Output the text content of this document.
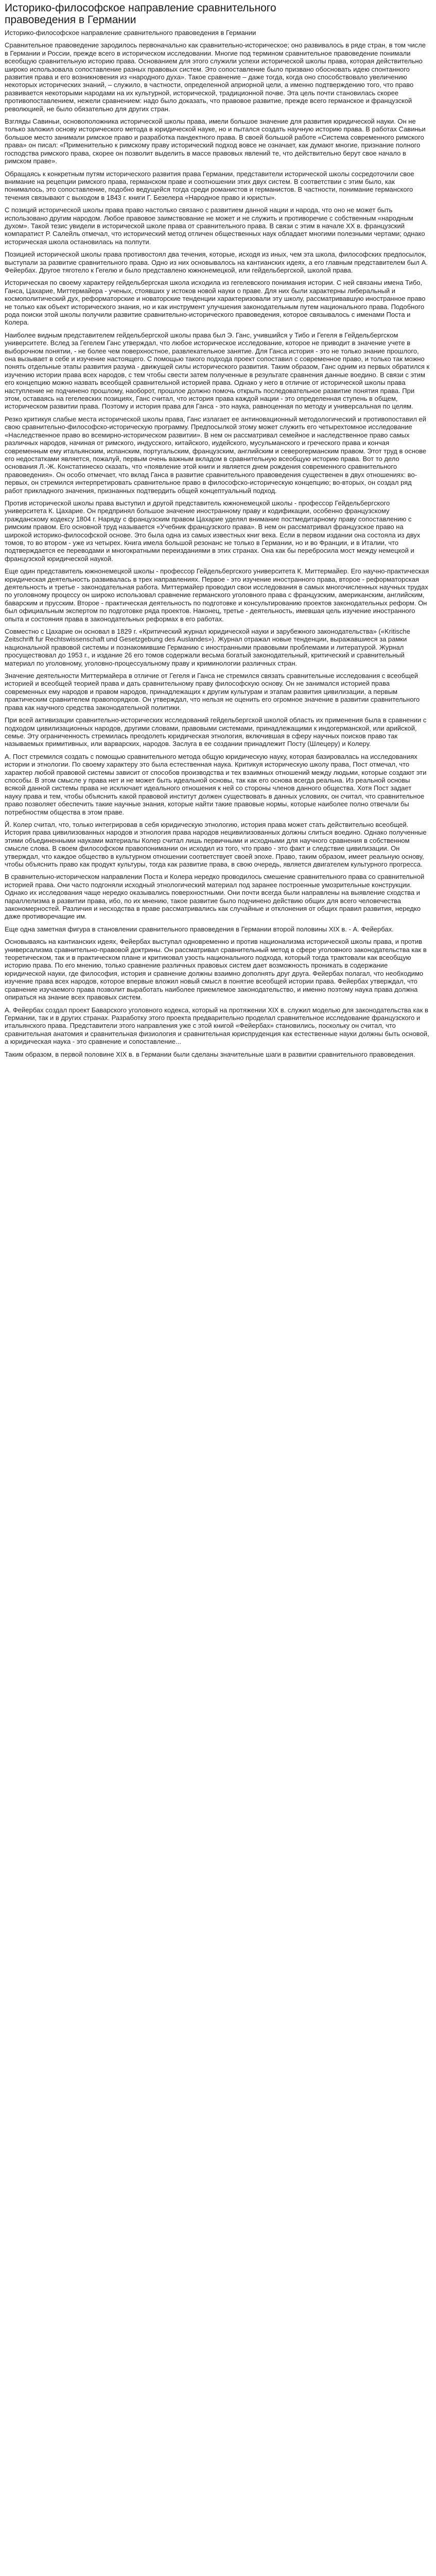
Историко-философское направление сравнительного
правоведения в Германии

Историко-философское направление сравнительного правоведения в Германии

Сравнительное правоведение зародилось первоначально как сравнительно-историческое; оно развивалось в ряде стран, в том числе в Германии и России, прежде всего в историческом исследовании. Многие под термином сравнительное правоведение понимали всеобщую сравнительную историю права. Основанием для этого служили успехи исторической школы права, которая действительно широко использовала сопоставление разных правовых систем. Это сопоставление было призвано обосновать идею спонтанного развития права и его возникновения из «народного духа». Такое сравнение – даже тогда, когда оно способствовало увеличению некоторых исторических знаний, – служило, в частности, определенной априорной цели, а именно подтверждению того, что право развивается некоторыми народами на их культурной, исторической, традиционной почве. Эта цель почти становилась скорее противопоставлением, нежели сравнением: надо было доказать, что правовое развитие, прежде всего германское и французской революцией, не было обязательно для других стран.

Взгляды Савиньи, основоположника исторической школы права, имели большое значение для развития юридической науки. Он не только заложил основу исторического метода в юридической науке, но и пытался создать научную историю права. В работах Савиньи большое место занимали римское право и разработка пандектного права. В своей большой работе «Система современного римского права» он писал: «Применительно к римскому праву исторический подход вовсе не означает, как думают многие, признание полного господства римского права, скорее он позволит выделить в массе правовых явлений те, что действительно берут свое начало в римском праве».

Обращаясь к конкретным путям исторического развития права Германии, представители исторической школы сосредоточили свое внимание на рецепции римского права, германском праве и соотношении этих двух систем. В соответствии с этим было, как понималось, это сопоставление, подобно ведущейся тогда среди романистов и германистов. В частности, понимание германского течения связывают с выходом в 1843 г. книги Г. Безелера «Народное право и юристы».

С позиций исторической школы права право настолько связано с развитием данной нации и народа, что оно не может быть использовано другим народом. Любое правовое заимствование не может и не служить и противоречие с собственным «народным духом». Такой тезис увидели в исторической школе права от сравнительного права. В связи с этим в начале XX в. французский компаратист Р. Салейль отмечал, что исторический метод отличен общественных наук обладает многими полезными чертами; однако историческая школа остановилась на полпути.

Позицией исторической школы права противостоял два течения, которые, исходя из иных, чем эта школа, философских предпосылок, выступали за развитие сравнительного права. Одно из них основывалось на кантианских идеях, а его главным представителем был А. Фейербах. Другое тяготело к Гегелю и было представлено южнонемецкой, или гейдельбергской, школой права.

Историческая по своему характеру гейдельбергская школа исходила из гегелевского понимания истории. С ней связаны имена Тибо, Ганса, Цахарие, Миттермайера - ученых, стоявших у истоков новой науки о праве. Для них были характерны либеральный и космополитический дух, реформаторские и новаторские тенденции характеризовали эту школу, рассматривавшую иностранное право не только как объект исторического знания, но и как инструмент улучшения законодательным путем национального права. Подобного рода поиски этой школы получили развитие сравнительно-исторического правоведения, которое связывалось с именами Поста и Колера.

Наиболее видным представителем гейдельбергской школы права был Э. Ганс, учившийся у Тибо и Гегеля в Гейдельбергском университете. Вслед за Гегелем Ганс утверждал, что любое историческое исследование, которое не приводит в значение учете в выборочном понятии, - не более чем поверхностное, развлекательное занятие. Для Ганса история - это не только знание прошлого, она вызывает в себе и изучение настоящего. С помощью такого подхода проект сопоставил с современное право, и только так можно понять отдельные этапы развития разума - движущей силы исторического развития. Таким образом, Ганс одним из первых обратился к изучению истории права всех народов, с тем чтобы свести затем полученные в результате сравнения данные воедино. В связи с этим его концепцию можно назвать всеобщей сравнительной историей права. Однако у него в отличие от исторической школы права наступление не подчинено прошлому, наоборот, прошлое должно помочь открыть последовательное развитие понятия права. При этом, оставаясь на гегелевских позициях, Ганс считал, что история права каждой нации - это определенная ступень в общем, историческом развитии права. Поэтому и история права для Ганса - это наука, равноценная по методу и универсальная по целям.

Резко критикуя слабые места исторической школы права, Ганс излагает ее антиновационный методологический и противопоставил ей свою сравнительно-философско-историческую программу. Предпосылкой этому может служить его четырехтомное исследование «Наследственное право во всемирно-историческом развитии». В нем он рассматривал семейное и наследственное право самых различных народов, начиная от римского, индусского, китайского, иудейского, мусульманского и греческого права и кончая современным ему итальянским, испанским, португальским, французским, английским и северогерманским правом. Этот труд в основе его недостатками является, пожалуй, первым очень важным вкладом в сравнительную всеобщую историю права. Вот то дело основания Л.-Ж. Констатинеско сказать, что «появление этой книги и является днем рождения современного сравнительного правоведения». Он особо отмечает, что вклад Ганса в развитие сравнительного правоведения существенен в двух отношениях: во-первых, он стремился интерпретировать сравнительное право в философско-историческую концепцию; во-вторых, он создал ряд работ прикладного значения, признанных подтвердить общей концептуальный подход.

Против исторической школы права выступил и другой представитель южнонемецкой школы - профессор Гейдельбергского университета К. Цахарие. Он предпринял большое значение иностранному праву и кодификации, особенно французскому гражданскому кодексу 1804 г. Наряду с французским правом Цахарие уделял внимание постмедитарному праву сопоставлению с римским правом. Его основной труд называется «Учебник французского права». В нем он рассматривал французское право на широкой историко-философской основе. Это была одна из самых известных книг века. Если в первом издании она состояла из двух томов, то во втором - уже из четырех. Книга имела большой резонанс не только в Германии, но и во Франции, и в Италии, что подтверждается ее переводами и многократными переизданиями в этих странах. Она как бы перебросила мост между немецкой и французской юридической наукой.

Еще один представитель южнонемецкой школы - профессор Гейдельбергского университета К. Миттермайер. Его научно-практическая юридическая деятельность развивалась в трех направлениях. Первое - это изучение иностранного права, второе - реформаторская деятельность и третье - законодательная работа. Миттермайер проводил свои исследования в самых многочисленных научных трудах по уголовному процессу он широко использовал сравнение германского уголовного права с французским, американским, английским, баварским и прусским. Второе - практическая деятельность по подготовке и консультированию проектов законодательных реформ. Он был официальным экспертом по подготовке ряда проектов. Наконец, третье - деятельность, имевшая цель изучение иностранного опыта и состояния права в законодательных реформах в его работах.

Совместно с Цахарие он основал в 1829 г. «Критический журнал юридической науки и зарубежного законодательства» («Kritische Zeitschrift fur Rechtswissenschaft und Gesetzgebung des Auslandes»). Журнал отражал новые тенденции, выражавшиеся за рамки национальной правовой системы и познакомившие Германию с иностранными правовыми проблемами и литературой. Журнал просуществовал до 1953 г., и издание 26 его томов содержали весьма богатый законодательный, критический и сравнительный материал по уголовному, уголовно-процессуальному праву и криминологии различных стран.

Значение деятельности Миттермайера в отличие от Гегеля и Ганса не стремился связать сравнительные исследования с всеобщей историей и всеобщей теорией права и дать сравнительному праву философскую основу. Он не занимался историей права современных ему народов и правом народов, принадлежащих к другим культурам и этапам развития цивилизации, а первым практическим сравнителем правопорядков. Он утверждал, что нельзя не оценить его огромное значение в развитии сравнительного права как научного средства законодательной политики.

При всей активизации сравнительно-исторических исследований гейдельбергской школой область их применения была в сравнении с подходом цивилизационных народов, другими словами, правовыми системами, принадлежащими к индогерманской, или арийской, семье. Эту ограниченность стремилась преодолеть юридическая этнология, включившая в сферу научных поисков право так называемых примитивных, или варварских, народов. Заслуга в ее создании принадлежит Посту (Шлецеру) и Колеру.

А. Пост стремился создать с помощью сравнительного метода общую юридическую науку, которая базировалась на исследованиях истории и этнологии. По своему характеру это была естественная наука. Критикуя историческую школу права, Пост отмечал, что характер любой правовой системы зависит от способов производства и тех взаимных отношений между людьми, которые создают эти способы. В этом смысле у права нет и не может быть идеальной основы, так как его основа всегда реальна. Из реальной основы всякой данной системы права не исключает идеального отношения к ней со стороны членов данного общества. Хотя Пост задает науку права и тем, чтобы объяснить какой правовой институт должен существовать в данных условиях, он считал, что сравнительное право позволяет обеспечить такие научные знания, которые найти такие правовые нормы, которые наиболее полно отвечали бы потребностям общества в этом праве.

Й. Колер считал, что, только интегрировав в себя юридическую этнологию, история права может стать действительно всеобщей. История права цивилизованных народов и этнология права народов нецивилизованных должны слиться воедино. Однако полученные этими объединенными науками материалы Колер считал лишь первичными и исходными для научного сравнения в собственном смысле слова. В своем философском правопонимании он исходил из того, что право - это факт и следствие цивилизации. Он утверждал, что каждое общество в культурном отношении соответствует своей эпохе. Право, таким образом, имеет реальную основу, чтобы объяснить право как продукт культуры, тогда как развитие права, в свою очередь, является двигателем культурного прогресса.

В сравнительно-историческом направлении Поста и Колера нередко проводилось смешение сравнительного права со сравнительной историей права. Они часто подгоняли исходный этнологический материал под заранее построенные умозрительные конструкции. Однако их исследования чаще нередко оказывались поверхностными. Они почти всегда были направлены на выявление сходства и параллелизма в развитии права, ибо, по их мнению, такое развитие было подчинено действию общих для всего человечества закономерностей. Различия и несходства в праве рассматривались как случайные и отклонения от общих правил развития, нередко даже противоречащие им.

Еще одна заметная фигура в становлении сравнительного правоведения в Германии второй половины XIX в. - А. Фейербах.

Основываясь на кантианских идеях, Фейербах выступал одновременно и против национализма исторической школы права, и против универсализма сравнительно-правовой доктрины. Он рассматривал сравнительный метод в сфере уголовного законодательства как в теоретическом, так и в практическом плане и критиковал узость национального подхода, который тогда трактовали как всеобщую историю права. По его мнению, только сравнение различных правовых систем дает возможность проникать в содержание юридической науки, где философия, история и сравнение должны взаимно дополнять друг друга. Фейербах полагал, что необходимо изучение права всех народов, которое впервые вложил новый смысл в понятие всеобщей истории права. Фейербах утверждал, что сравнение изучаемого права позволит выработать наиболее приемлемое законодательство, и именно поэтому наука права должна опираться на знание всех правовых систем.

А. Фейербах создал проект Баварского уголовного кодекса, который на протяжении XIX в. служил моделью для законодательства как в Германии, так и в других странах. Разработку этого проекта предварительно проделал сравнительное исследование французского и итальянского права. Представители этого направления уже с этой книгой «Фейербах» становились, поскольку он считал, что сравнительная анатомия и сравнительная физиология и сравнительная юриспруденция как естественные науки должны быть основой, а юридическая наука - это сравнение и сопоставление...

Таким образом, в первой половине XIX в. в Германии были сделаны значительные шаги в развитии сравнительного правоведения.
